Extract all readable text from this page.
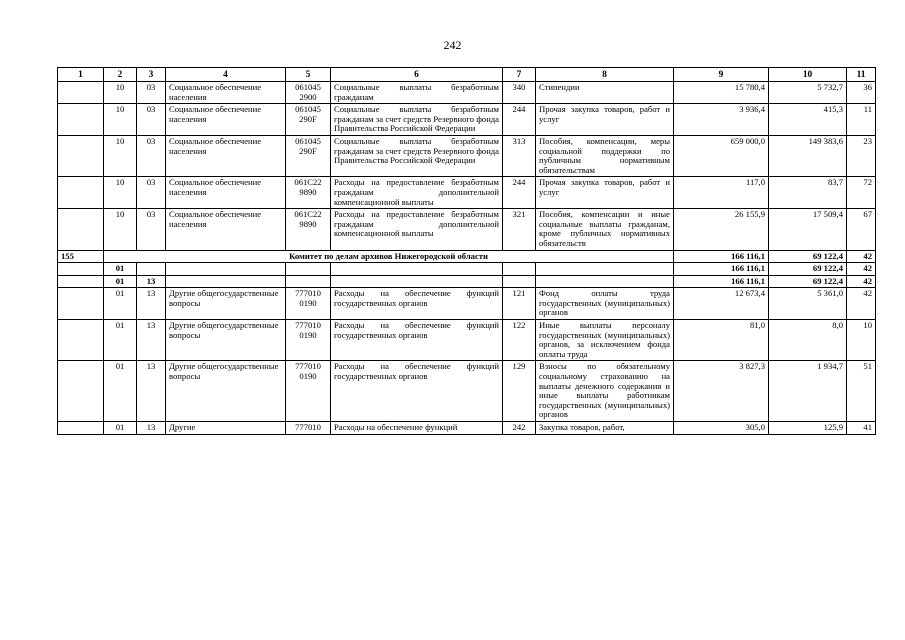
242
1	2	3	4	5	6	7	8	9	10	11
	10	03	Социальное обеспечение населения	061045 2900	Социальные выплаты безработным гражданам	340	Стипендии	15 780,4	5 732,7	36
	10	03	Социальное обеспечение населения	061045 290F	Социальные выплаты безработным гражданам за счет средств Резервного фонда Правительства Российской Федерации	244	Прочая закупка товаров, работ и услуг	3 936,4	415,3	11
	10	03	Социальное обеспечение населения	061045 290F	Социальные выплаты безработным гражданам за счет средств Резервного фонда Правительства Российской Федерации	313	Пособия, компенсации, меры социальной поддержки по публичным нормативным обязательствам	659 000,0	149 383,6	23
	10	03	Социальное обеспечение населения	061C22 9890	Расходы на предоставление безработным гражданам дополнительной компенсационной выплаты	244	Прочая закупка товаров, работ и услуг	117,0	83,7	72
	10	03	Социальное обеспечение населения	061C22 9890	Расходы на предоставление безработным гражданам дополнительной компенсационной выплаты	321	Пособия, компенсации и иные социальные выплаты гражданам, кроме публичных нормативных обязательств	26 155,9	17 509,4	67
155	Комитет по делам архивов Нижегородской области							166 116,1	69 122,4	42
	01							166 116,1	69 122,4	42
	01	13						166 116,1	69 122,4	42
	01	13	Другие общегосударственные вопросы	777010 0190	Расходы на обеспечение функций государственных органов	121	Фонд оплаты труда государственных (муниципальных) органов	12 673,4	5 361,0	42
	01	13	Другие общегосударственные вопросы	777010 0190	Расходы на обеспечение функций государственных органов	122	Иные выплаты персоналу государственных (муниципальных) органов, за исключением фонда оплаты труда	81,0	8,0	10
	01	13	Другие общегосударственные вопросы	777010 0190	Расходы на обеспечение функций государственных органов	129	Взносы по обязательному социальному страхованию на выплаты денежного содержания и иные выплаты работникам государственных (муниципальных) органов	3 827,3	1 934,7	51
	01	13	Другие	777010	Расходы на обеспечение функций	242	Закупка товаров, работ,	305,0	125,9	41
